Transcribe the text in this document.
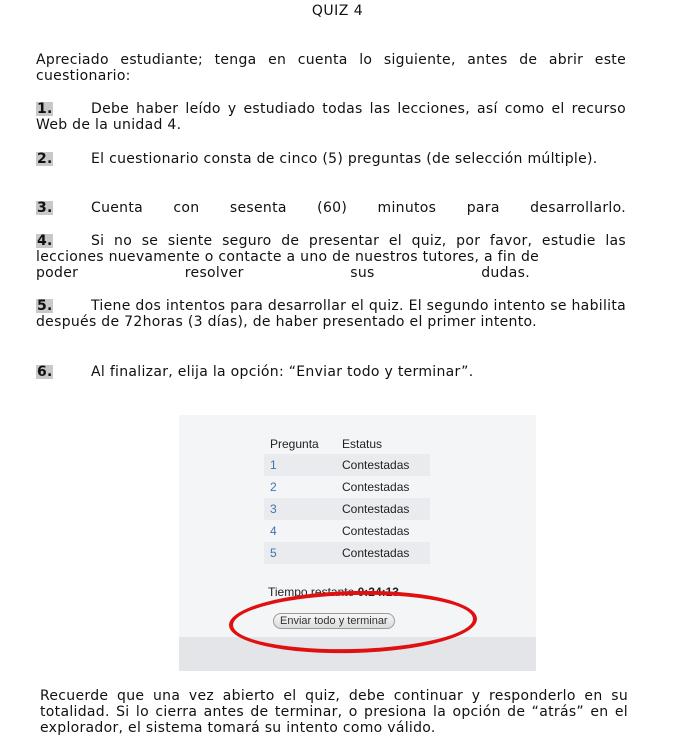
QUIZ 4
Apreciado estudiante; tenga en cuenta lo siguiente, antes de abrir este cuestionario:
1.	Debe haber leído y estudiado todas las lecciones, así como el recurso Web de la unidad 4.
2.	El cuestionario consta de cinco (5) preguntas (de selección múltiple).
3.	Cuenta con sesenta (60) minutos para desarrollarlo.
4.	Si no se siente seguro de presentar el quiz, por favor, estudie las lecciones nuevamente o contacte a uno de nuestros tutores, a fin de
poder	resolver	sus	dudas.
5.	Tiene dos intentos para desarrollar el quiz. El segundo intento se habilita después de 72horas (3 días), de haber presentado el primer intento.
6.	Al finalizar, elija la opción: “Enviar todo y terminar”.
Pregunta	Estatus
1	Contestadas
2	Contestadas
3	Contestadas
4	Contestadas
5	Contestadas
Tiempo restante 0:24:13
Enviar todo y terminar
Recuerde que una vez abierto el quiz, debe continuar y responderlo en su totalidad. Si lo cierra antes de terminar, o presiona la opción de “atrás” en el explorador, el sistema tomará su intento como válido.
